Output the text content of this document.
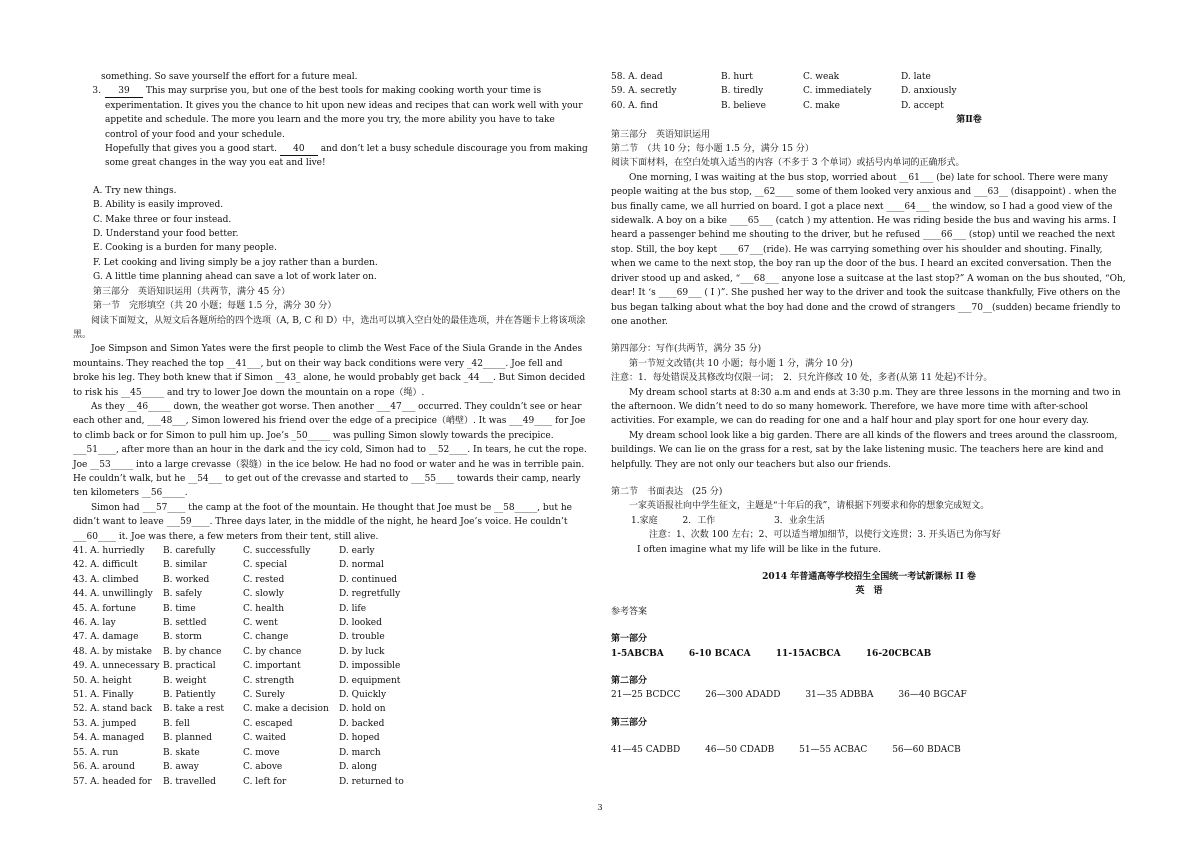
something. So save yourself the effort for a future meal.

3.	39 This may surprise you, but one of the best tools for making cooking worth your time is experimentation. It gives you the chance to hit upon new ideas and recipes that can work well with your appetite and schedule. The more you learn and the more you try, the more ability you have to take control of your food and your schedule.

Hopefully that gives you a good start. 40 and don’t let a busy schedule discourage you from making some great changes in the way you eat and live!

A. Try new things.

B. Ability is easily improved.

C. Make three or four instead.

D. Understand your food better.

E. Cooking is a burden for many people.

F. Let cooking and living simply be a joy rather than a burden.

G. A little time planning ahead can save a lot of work later on.

第三部分　英语知识运用（共两节，满分 45 分）

第一节　完形填空（共 20 小题；每题 1.5 分，满分 30 分）

阅读下面短文，从短文后各题所给的四个选项（A, B, C 和 D）中，选出可以填入空白处的最佳选项，并在答题卡上将该项涂黑。

Joe Simpson and Simon Yates were the first people to climb the West Face of the Siula Grande in the Andes mountains. They reached the top __41___, but on their way back conditions were very _42_____. Joe fell and broke his leg. They both knew that if Simon __43_ alone, he would probably get back _44___. But Simon decided to risk his __45_____ and try to lower Joe down the mountain on a rope（绳）.

As they __46_____ down, the weather got worse. Then another ___47___ occurred. They couldn’t see or hear each other and, ___48___, Simon lowered his friend over the edge of a precipice（峭壁）. It was ___49____ for Joe to climb back or for Simon to pull him up. Joe’s _50_____ was pulling Simon slowly towards the precipice. ___51____, after more than an hour in the dark and the icy cold, Simon had to __52____. In tears, he cut the rope. Joe __53_____ into a large crevasse（裂缝）in the ice below. He had no food or water and he was in terrible pain. He couldn’t walk, but he __54___ to get out of the crevasse and started to ___55____ towards their camp, nearly ten kilometers __56_____.

Simon had ___57____ the camp at the foot of the mountain. He thought that Joe must be __58_____, but he didn’t want to leave ___59____. Three days later, in the middle of the night, he heard Joe’s voice. He couldn’t ___60____ it. Joe was there, a few meters from their tent, still alive.

41. A. hurriedly	B. carefully	C. successfully	D. early
42. A. difficult	B. similar	C. special	D. normal
43. A. climbed	B. worked	C. rested	D. continued
44. A. unwillingly	B. safely	C. slowly	D. regretfully
45. A. fortune	B. time	C. health	D. life
46. A. lay	B. settled	C. went	D. looked
47. A. damage	B. storm	C. change	D. trouble
48. A. by mistake	B. by chance	C. by chance	D. by luck
49. A. unnecessary B. practical	C. important	D. impossible
50. A. height	B. weight	C. strength	D. equipment
51. A. Finally	B. Patiently	C. Surely	D. Quickly
52. A. stand back	B. take a rest	C. make a decision	D. hold on
53. A. jumped	B. fell	C. escaped	D. backed
54. A. managed	B. planned	C. waited	D. hoped
55. A. run	B. skate	C. move	D. march
56. A. around	B. away	C. above	D. along
57. A. headed for	B. travelled	C. left for	D. returned to
58. A. dead	B. hurt	C. weak	D. late
59. A. secretly	B. tiredly	C. immediately	D. anxiously
60. A. find	B. believe	C. make	D. accept

第Ⅱ卷

第三部分　英语知识运用

第二节　（共 10 分；每小题 1.5 分，满分 15 分）

阅读下面材料，在空白处填入适当的内容（不多于 3 个单词）或括号内单词的正确形式。

One morning, I was waiting at the bus stop, worried about __61___ (be) late for school. There were many people waiting at the bus stop, __62____ some of them looked very anxious and ___63__ (disappoint) . when the bus finally came, we all hurried on board. I got a place next ____64___ the window, so I had a good view of the sidewalk. A boy on a bike ____65___ (catch ) my attention. He was riding beside the bus and waving his arms. I heard a passenger behind me shouting to the driver, but he refused ____66___ (stop) until we reached the next stop. Still, the boy kept ____67___(ride). He was carrying something over his shoulder and shouting. Finally, when we came to the next stop, the boy ran up the door of the bus. I heard an excited conversation. Then the driver stood up and asked, “___68___ anyone lose a suitcase at the last stop?” A woman on the bus shouted, “Oh, dear! It ‘s ____69___ ( I )”. She pushed her way to the driver and took the suitcase thankfully, Five others on the bus began talking about what the boy had done and the crowd of strangers ___70__(sudden) became friendly to one another.

第四部分：写作(共两节，满分 35 分)

第一节短文改错(共 10 小题；每小题 1 分，满分 10 分)

注意：1．每处错误及其修改均仅限一词；　2．只允许修改 10 处，多者(从第 11 处起)不计分。

My dream school starts at 8:30 a.m and ends at 3:30 p.m. They are three lessons in the morning and two in the afternoon. We didn’t need to do so many homework. Therefore, we have more time with after-school activities. For example, we can do reading for one and a half hour and play sport for one hour every day.

My dream school look like a big garden. There are all kinds of the flowers and trees around the classroom, buildings. We can lie on the grass for a rest, sat by the lake listening music. The teachers here are kind and helpfully. They are not only our teachers but also our friends.

第二节　书面表达　(25 分)

一家英语报社向中学生征文，主题是“十年后的我”，请根据下列要求和你的想象完成短文。

1.家庭	2．工作	3．业余生活

注意：1、次数 100 左右；2、可以适当增加细节，以使行文连贯；3. 开头语已为你写好

I often imagine what my life will be like in the future.

2014 年普通高等学校招生全国统一考试新课标 II 卷

英　语

参考答案

第一部分

1-5ABCBA	6-10 BCACA	11-15ACBCA	16-20CBCAB

第二部分

21—25 BCDCC	26—300 ADADD	31—35 ADBBA	36—40 BGCAF

第三部分

41—45 CADBD	46—50 CDADB	51—55 ACBAC	56—60 BDACB

3
